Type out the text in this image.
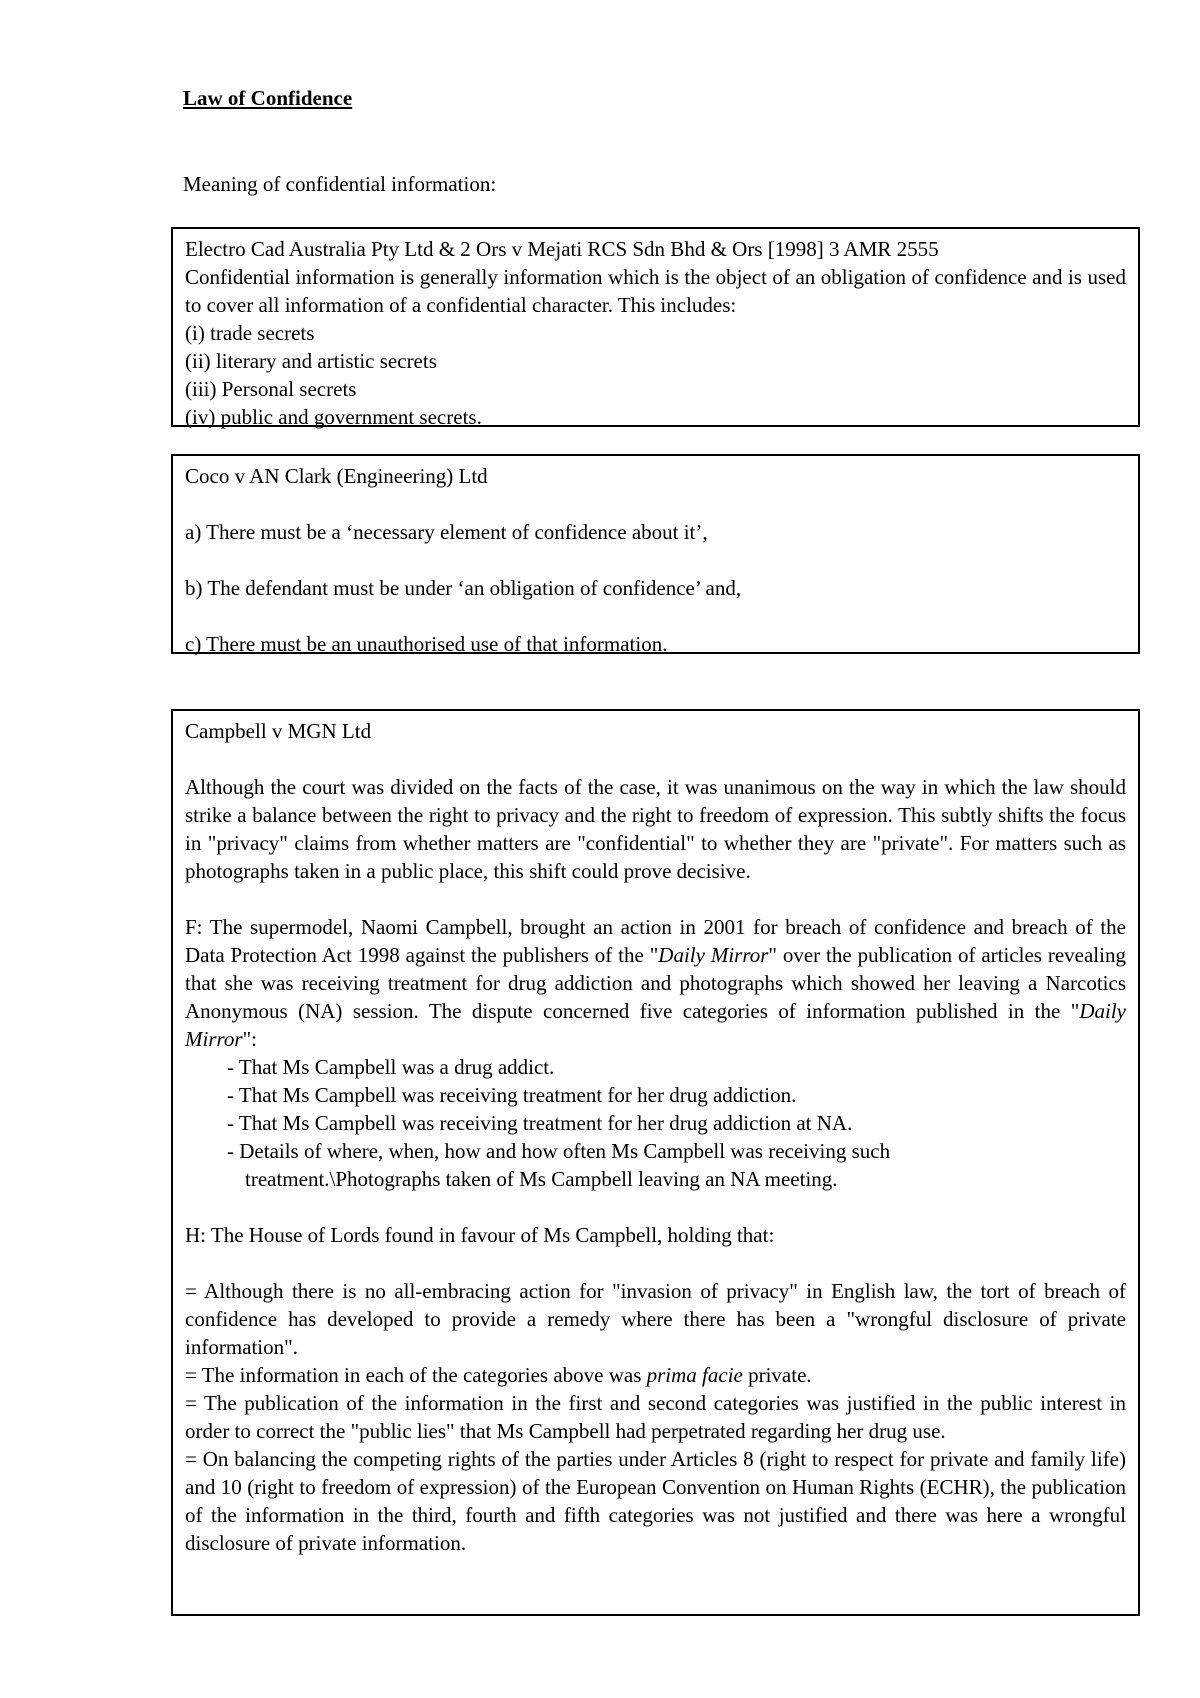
Law of Confidence

Meaning of confidential information:

Electro Cad Australia Pty Ltd & 2 Ors v Mejati RCS Sdn Bhd & Ors [1998] 3 AMR 2555

Confidential information is generally information which is the object of an obligation of confidence and is used to cover all information of a confidential character. This includes:

(i) trade secrets

(ii) literary and artistic secrets

(iii) Personal secrets

(iv) public and government secrets.

Coco v AN Clark (Engineering) Ltd

a) There must be a ‘necessary element of confidence about it’,

b) The defendant must be under ‘an obligation of confidence’ and,

c) There must be an unauthorised use of that information.

Campbell v MGN Ltd

Although the court was divided on the facts of the case, it was unanimous on the way in which the law should strike a balance between the right to privacy and the right to freedom of expression. This subtly shifts the focus in "privacy" claims from whether matters are "confidential" to whether they are "private". For matters such as photographs taken in a public place, this shift could prove decisive.

F: The supermodel, Naomi Campbell, brought an action in 2001 for breach of confidence and breach of the Data Protection Act 1998 against the publishers of the "Daily Mirror" over the publication of articles revealing that she was receiving treatment for drug addiction and photographs which showed her leaving a Narcotics Anonymous (NA) session. The dispute concerned five categories of information published in the "Daily Mirror":

- That Ms Campbell was a drug addict.

- That Ms Campbell was receiving treatment for her drug addiction.

- That Ms Campbell was receiving treatment for her drug addiction at NA.

- Details of where, when, how and how often Ms Campbell was receiving such

treatment.\Photographs taken of Ms Campbell leaving an NA meeting.

H: The House of Lords found in favour of Ms Campbell, holding that:

= Although there is no all-embracing action for "invasion of privacy" in English law, the tort of breach of confidence has developed to provide a remedy where there has been a "wrongful disclosure of private information".

= The information in each of the categories above was prima facie private.

= The publication of the information in the first and second categories was justified in the public interest in order to correct the "public lies" that Ms Campbell had perpetrated regarding her drug use.

= On balancing the competing rights of the parties under Articles 8 (right to respect for private and family life) and 10 (right to freedom of expression) of the European Convention on Human Rights (ECHR), the publication of the information in the third, fourth and fifth categories was not justified and there was here a wrongful disclosure of private information.
